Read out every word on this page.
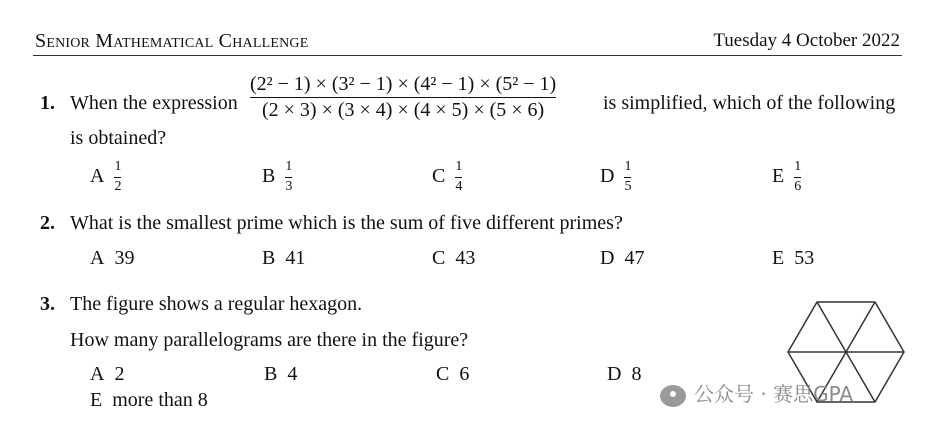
Senior Mathematical Challenge	Tuesday 4 October 2022
1. When the expression $\frac{\text{(2² − 1) × (3² − 1) × (4² − 1) × (5² − 1)}}{(2 \times 3) \times (3 \times 4) \times (4 \times 5) \times (5 \times 6)}$ is simplified, which of the following
is obtained?
A $\frac{1}{2}$	B $\frac{1}{3}$	C $\frac{1}{4}$	D $\frac{1}{5}$	E $\frac{1}{6}$
2. What is the smallest prime which is the sum of five different primes?
A 39	B 41	C 43	D 47	E 53
3. The figure shows a regular hexagon.
How many parallelograms are there in the figure?
A 2	B 4	C 6	D 8
E more than 8	公众号 · 赛思GPA
